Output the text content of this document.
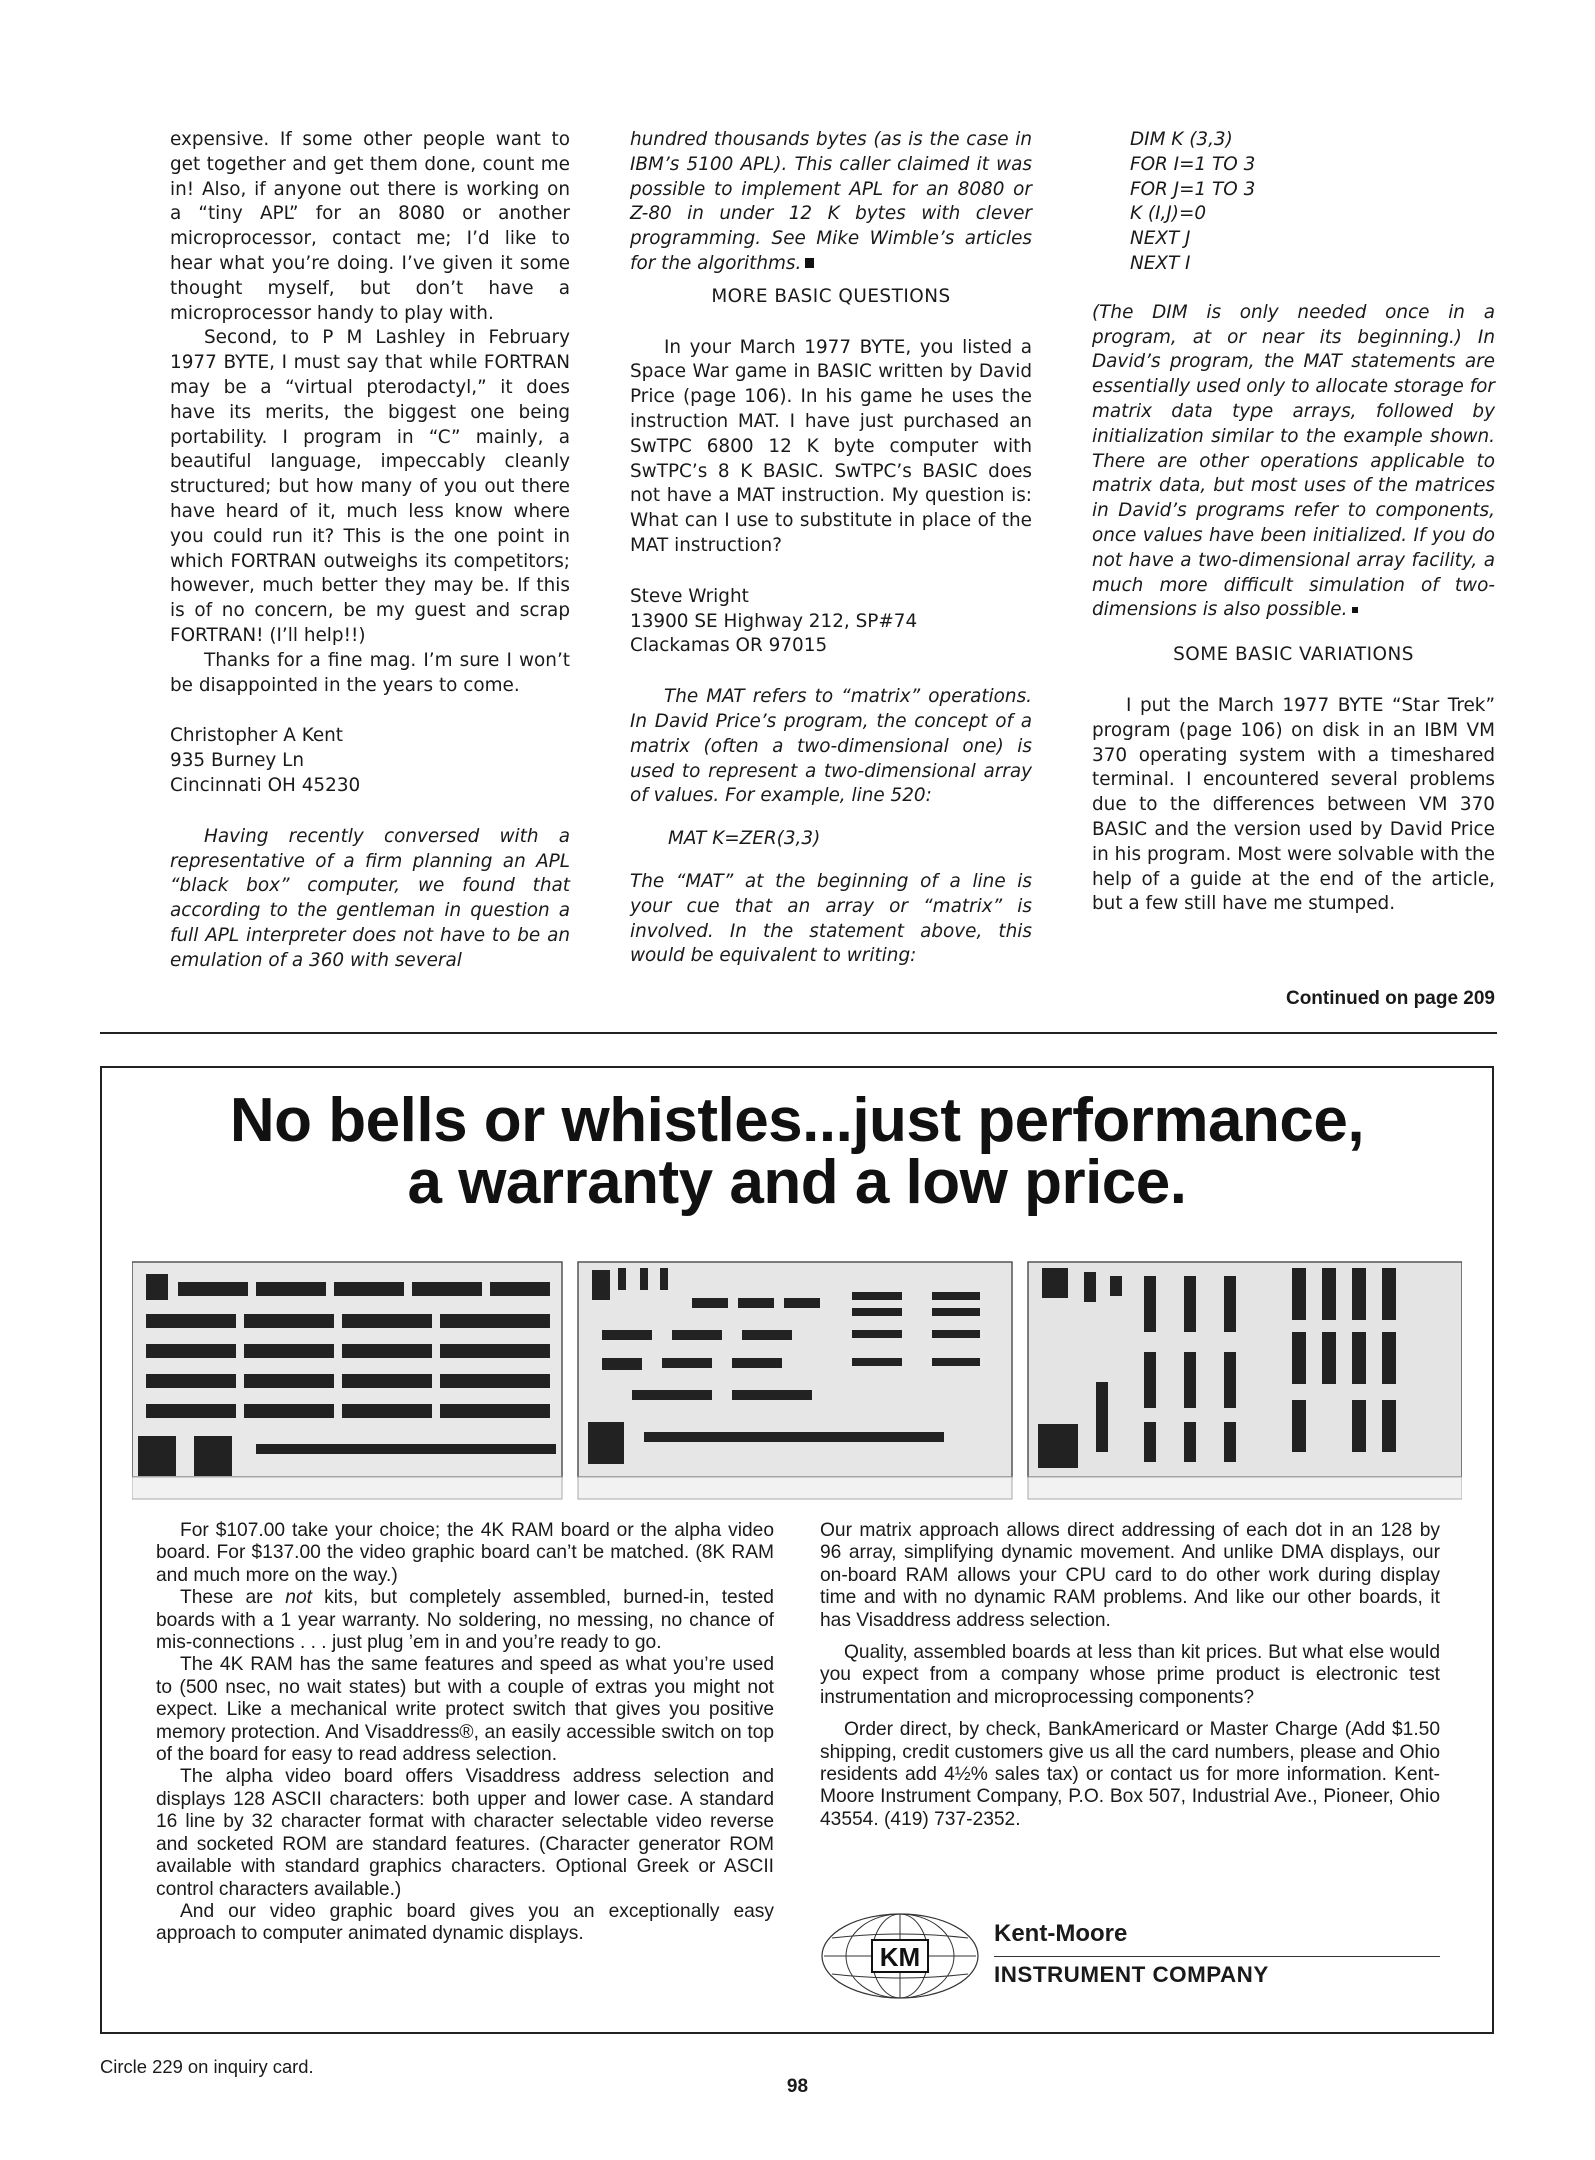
expensive. If some other people want to get together and get them done, count me in! Also, if anyone out there is working on a “tiny APL” for an 8080 or another microprocessor, contact me; I’d like to hear what you’re doing. I’ve given it some thought myself, but don’t have a microprocessor handy to play with.

Second, to P M Lashley in February 1977 BYTE, I must say that while FORTRAN may be a “virtual pterodactyl,” it does have its merits, the biggest one being portability. I program in “C” mainly, a beautiful language, impeccably cleanly structured; but how many of you out there have heard of it, much less know where you could run it? This is the one point in which FORTRAN outweighs its competitors; however, much better they may be. If this is of no concern, be my guest and scrap FORTRAN! (I’ll help!!)

Thanks for a fine mag. I’m sure I won’t be disappointed in the years to come.

Christopher A Kent

935 Burney Ln

Cincinnati OH 45230

Having recently conversed with a representative of a firm planning an APL “black box” computer, we found that according to the gentleman in question a full APL interpreter does not have to be an emulation of a 360 with several

hundred thousands bytes (as is the case in IBM’s 5100 APL). This caller claimed it was possible to implement APL for an 8080 or Z-80 in under 12 K bytes with clever programming. See Mike Wimble’s articles for the algorithms.

MORE BASIC QUESTIONS

In your March 1977 BYTE, you listed a Space War game in BASIC written by David Price (page 106). In his game he uses the instruction MAT. I have just purchased an SwTPC 6800 12 K byte computer with SwTPC’s 8 K BASIC. SwTPC’s BASIC does not have a MAT instruction. My question is: What can I use to substitute in place of the MAT instruction?

Steve Wright

13900 SE Highway 212, SP#74

Clackamas OR 97015

The MAT refers to “matrix” operations. In David Price’s program, the concept of a matrix (often a two-dimensional one) is used to represent a two-dimensional array of values. For example, line 520:

MAT K=ZER(3,3)

The “MAT” at the beginning of a line is your cue that an array or “matrix” is involved. In the statement above, this would be equivalent to writing:

DIM K (3,3)
FOR I=1 TO 3
FOR J=1 TO 3
K (I,J)=0
NEXT J
NEXT I

(The DIM is only needed once in a program, at or near its beginning.) In David’s program, the MAT statements are essentially used only to allocate storage for matrix data type arrays, followed by initialization similar to the example shown. There are other operations applicable to matrix data, but most uses of the matrices in David’s programs refer to components, once values have been initialized. If you do not have a two-dimensional array facility, a much more difficult simulation of two-dimensions is also possible.

SOME BASIC VARIATIONS

I put the March 1977 BYTE “Star Trek” program (page 106) on disk in an IBM VM 370 operating system with a timeshared terminal. I encountered several problems due to the differences between VM 370 BASIC and the version used by David Price in his program. Most were solvable with the help of a guide at the end of the article, but a few still have me stumped.

Continued on page 209
No bells or whistles...just performance,
a warranty and a low price.

For $107.00 take your choice; the 4K RAM board or the alpha video board. For $137.00 the video graphic board can’t be matched. (8K RAM and much more on the way.)

These are not kits, but completely assembled, burned-in, tested boards with a 1 year warranty. No soldering, no messing, no chance of mis-connections . . . just plug ’em in and you’re ready to go.

The 4K RAM has the same features and speed as what you’re used to (500 nsec, no wait states) but with a couple of extras you might not expect. Like a mechanical write protect switch that gives you positive memory protection. And Visaddress®, an easily accessible switch on top of the board for easy to read address selection.

The alpha video board offers Visaddress address selection and displays 128 ASCII characters: both upper and lower case. A standard 16 line by 32 character format with character selectable video reverse and socketed ROM are standard features. (Character generator ROM available with standard graphics characters. Optional Greek or ASCII control characters available.)

And our video graphic board gives you an exceptionally easy approach to computer animated dynamic displays.

Our matrix approach allows direct addressing of each dot in an 128 by 96 array, simplifying dynamic movement. And unlike DMA displays, our on-board RAM allows your CPU card to do other work during display time and with no dynamic RAM problems. And like our other boards, it has Visaddress address selection.

Quality, assembled boards at less than kit prices. But what else would you expect from a company whose prime product is electronic test instrumentation and microprocessing components?

Order direct, by check, BankAmericard or Master Charge (Add $1.50 shipping, credit customers give us all the card numbers, please and Ohio residents add 4½% sales tax) or contact us for more information. Kent-Moore Instrument Company, P.O. Box 507, Industrial Ave., Pioneer, Ohio 43554. (419) 737-2352.

KM
Kent-Moore
INSTRUMENT COMPANY
Circle 229 on inquiry card.
98
